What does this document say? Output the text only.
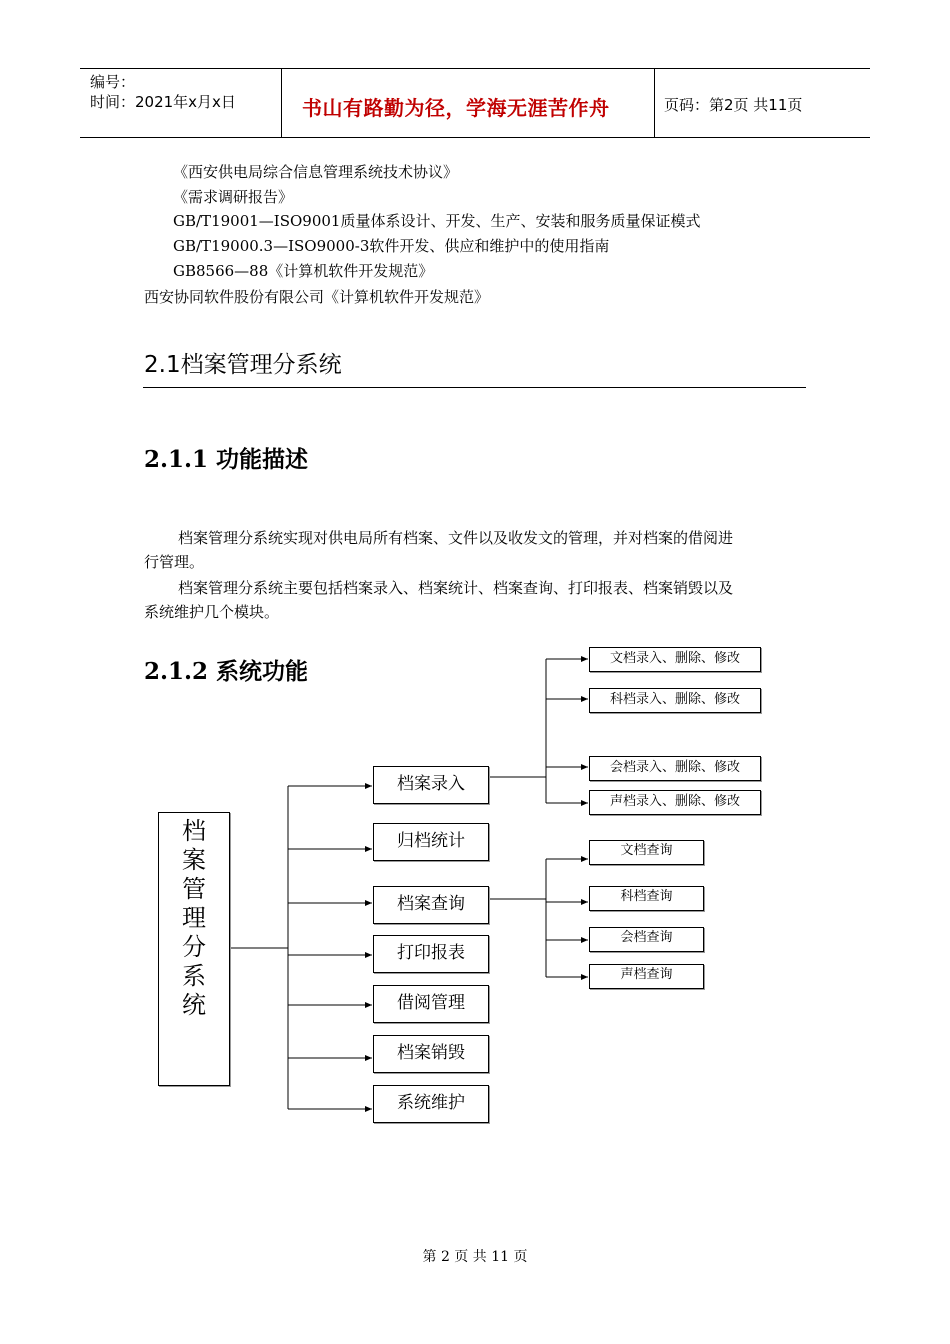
编号：
时间：2021年x月x日	书山有路勤为径，学海无涯苦作舟	页码：第2页 共11页
《西安供电局综合信息管理系统技术协议》
《需求调研报告》
GB/T19001—ISO9001质量体系设计、开发、生产、安装和服务质量保证模式
GB/T19000.3—ISO9000-3软件开发、供应和维护中的使用指南
GB8566—88《计算机软件开发规范》
西安协同软件股份有限公司《计算机软件开发规范》
2.1档案管理分系统
2.1.1 功能描述
档案管理分系统实现对供电局所有档案、文件以及收发文的管理，并对档案的借阅进
行管理。
档案管理分系统主要包括档案录入、档案统计、档案查询、打印报表、档案销毁以及
系统维护几个模块。
2.1.2 系统功能
档
案
管
理
分
系
统
档案录入
归档统计
档案查询
打印报表
借阅管理
档案销毁
系统维护
文档录入、删除、修改
科档录入、删除、修改
会档录入、删除、修改
声档录入、删除、修改
文档查询
科档查询
会档查询
声档查询
第 2 页 共 11 页
